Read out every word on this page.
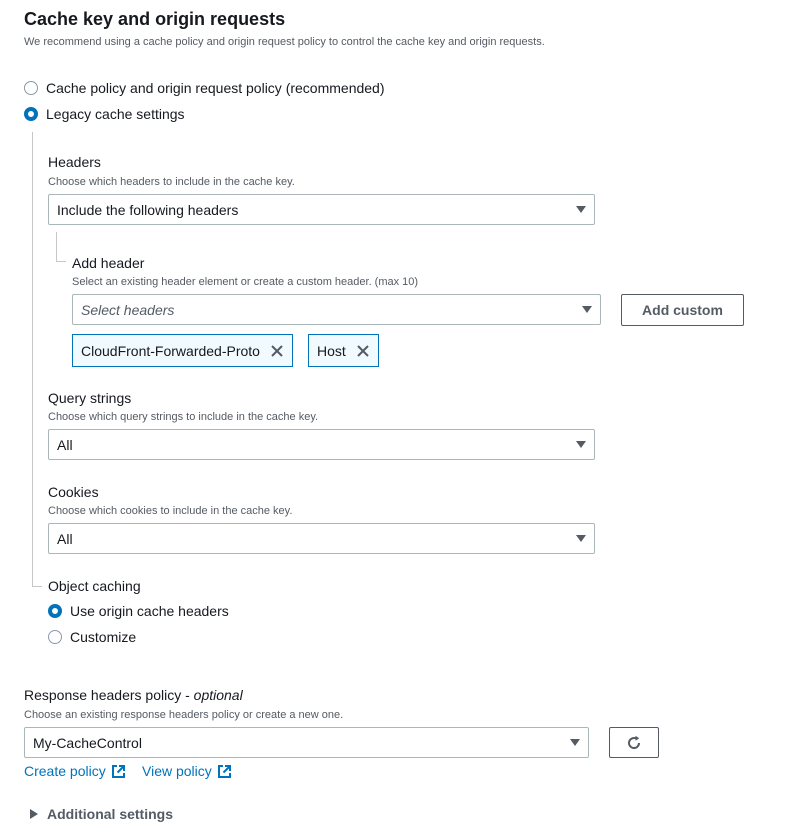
Cache key and origin requests
We recommend using a cache policy and origin request policy to control the cache key and origin requests.
Cache policy and origin request policy (recommended)
Legacy cache settings
Headers
Choose which headers to include in the cache key.
Include the following headers
Add header
Select an existing header element or create a custom header. (max 10)
Select headers	Add custom
CloudFront-Forwarded-Proto	Host
Query strings
Choose which query strings to include in the cache key.
All
Cookies
Choose which cookies to include in the cache key.
All
Object caching
Use origin cache headers
Customize
Response headers policy - optional
Choose an existing response headers policy or create a new one.
My-CacheControl
Create policy	View policy
Additional settings
